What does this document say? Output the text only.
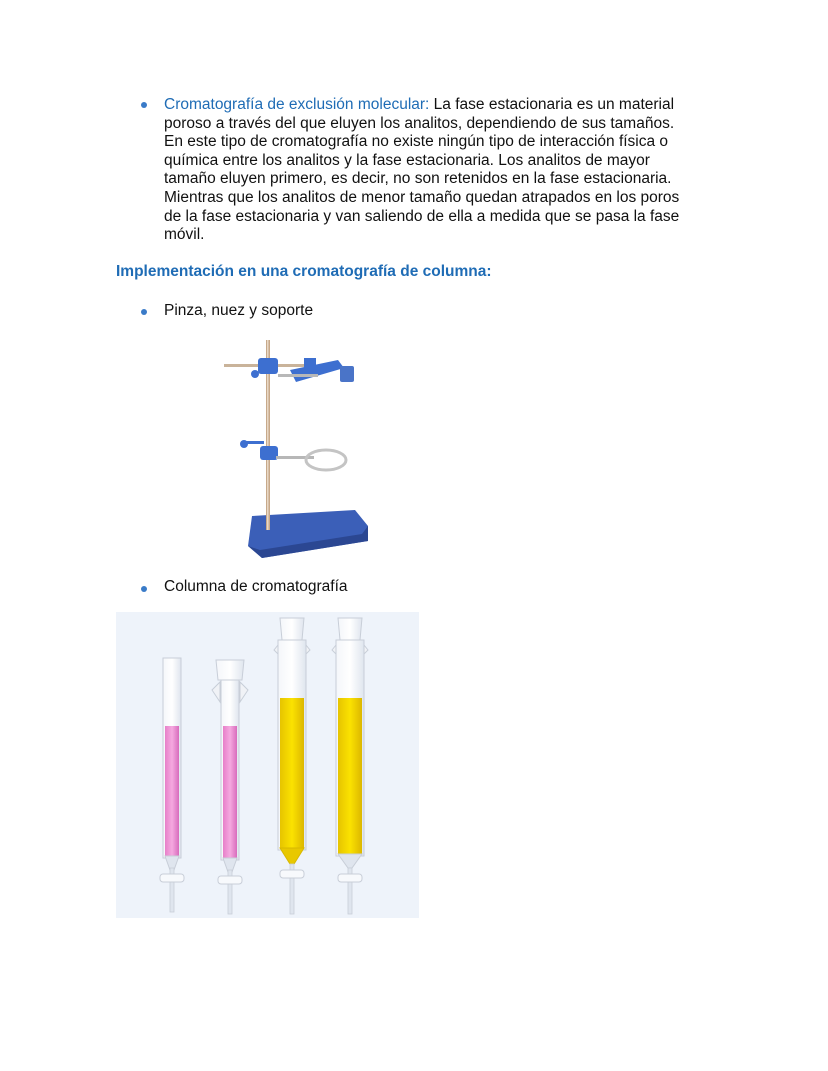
Cromatografía de exclusión molecular: La fase estacionaria es un material
poroso a través del que eluyen los analitos, dependiendo de sus tamaños.
En este tipo de cromatografía no existe ningún tipo de interacción física o
química entre los analitos y la fase estacionaria. Los analitos de mayor
tamaño eluyen primero, es decir, no son retenidos en la fase estacionaria.
Mientras que los analitos de menor tamaño quedan atrapados en los poros
de la fase estacionaria y van saliendo de ella a medida que se pasa la fase
móvil.
Implementación en una cromatografía de columna:
Pinza, nuez y soporte
Columna de cromatografía
